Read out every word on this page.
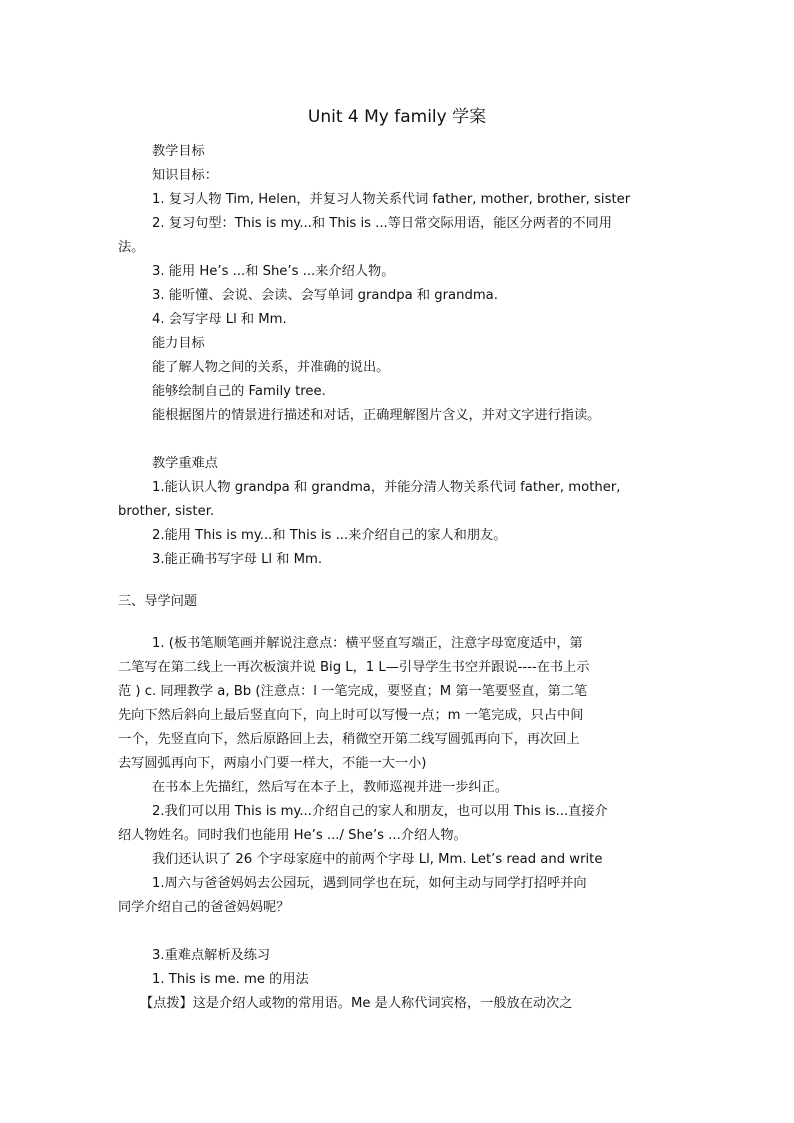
Unit 4 My family 学案
教学目标
知识目标：
1. 复习人物 Tim, Helen，并复习人物关系代词 father, mother, brother, sister
2. 复习句型：This is my...和 This is ...等日常交际用语，能区分两者的不同用
法。
3. 能用 He’s ...和 She’s ...来介绍人物。
3. 能听懂、会说、会读、会写单词 grandpa 和 grandma.
4. 会写字母 Ll 和 Mm.
能力目标
能了解人物之间的关系，并准确的说出。
能够绘制自己的 Family tree.
能根据图片的情景进行描述和对话，正确理解图片含义，并对文字进行指读。
教学重难点
1.能认识人物 grandpa 和 grandma，并能分清人物关系代词 father, mother,
brother, sister.
2.能用 This is my...和 This is ...来介绍自己的家人和朋友。
3.能正确书写字母 Ll 和 Mm.
三、导学问题
1. (板书笔顺笔画并解说注意点：横平竖直写端正，注意字母宽度适中，第
二笔写在第二线上一再次板演并说 Big L，1 L—引导学生书空并跟说----在书上示
范 ) c. 同理教学 a, Bb (注意点：l 一笔完成，要竖直；M 第一笔要竖直，第二笔
先向下然后斜向上最后竖直向下，向上时可以写慢一点；m 一笔完成，只占中间
一个，先竖直向下，然后原路回上去，稍微空开第二线写圆弧再向下，再次回上
去写圆弧再向下，两扇小门要一样大，不能一大一小)
在书本上先描红，然后写在本子上，教师巡视并进一步纠正。
2.我们可以用 This is my...介绍自己的家人和朋友，也可以用 This is...直接介
绍人物姓名。同时我们也能用 He’s .../ She’s ...介绍人物。
我们还认识了 26 个字母家庭中的前两个字母 Ll, Mm. Let’s read and write
1.周六与爸爸妈妈去公园玩，遇到同学也在玩，如何主动与同学打招呼并向
同学介绍自己的爸爸妈妈呢？
3.重难点解析及练习
1. This is me. me 的用法
【点拨】这是介绍人或物的常用语。Me 是人称代词宾格，一般放在动次之
